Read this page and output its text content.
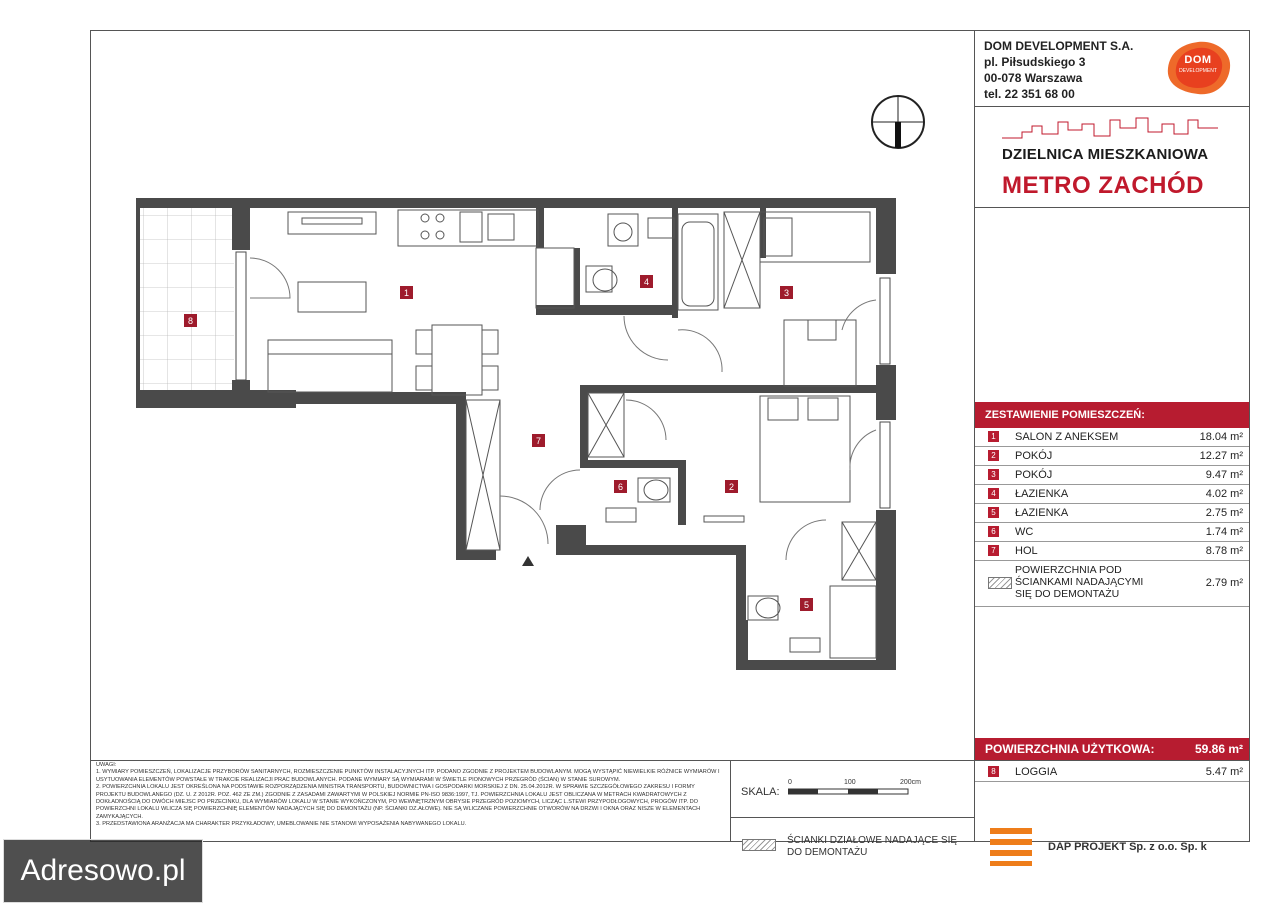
1
2
3
4
5
6
7
8
DOM DEVELOPMENT S.A.
pl. Piłsudskiego 3
00-078 Warszawa
tel. 22 351 68 00
DOM
DEVELOPMENT
DZIELNICA MIESZKANIOWA
METRO ZACHÓD
ZESTAWIENIE POMIESZCZEŃ:
1 SALON Z ANEKSEM	18.04 m²
2 POKÓJ	12.27 m²
3 POKÓJ	9.47 m²
4 ŁAZIENKA	4.02 m²
5 ŁAZIENKA	2.75 m²
6 WC	1.74 m²
7 HOL	8.78 m²
POWIERZCHNIA POD
ŚCIANKAMI NADAJĄCYMI
SIĘ DO DEMONTAŻU
2.79 m²
POWIERZCHNIA UŻYTKOWA:	59.86 m²
8 LOGGIA	5.47 m²

UWAGI:

1. WYMIARY POMIESZCZEŃ, LOKALIZACJE PRZYBORÓW SANITARNYCH, ROZMIESZCZENIE PUNKTÓW INSTALACYJNYCH ITP. PODANO ZGODNIE Z PROJEKTEM BUDOWLANYM. MOGĄ WYSTĄPIĆ NIEWIELKIE RÓŻNICE WYMIARÓW I USYTUOWANIA ELEMENTÓW POWSTAŁE W TRAKCIE REALIZACJI PRAC BUDOWLANYCH. PODANE WYMIARY SĄ WYMIARAMI W ŚWIETLE PIONOWYCH PRZEGRÓD (ŚCIAN) W STANIE SUROWYM.

2. POWIERZCHNIA LOKALU JEST OKREŚLONA NA PODSTAWIE ROZPORZĄDZENIA MINISTRA TRANSPORTU, BUDOWNICTWA I GOSPODARKI MORSKIEJ Z DN. 25.04.2012R. W SPRAWIE SZCZEGÓŁOWEGO ZAKRESU I FORMY PROJEKTU BUDOWLANEGO (DZ. U. Z 2012R. POZ. 462 ZE ZM.) ZGODNIE Z ZASADAMI ZAWARTYMI W POLSKIEJ NORMIE PN-ISO 9836:1997, TJ. POWIERZCHNIA LOKALU JEST OBLICZANA W METRACH KWADRATOWYCH Z DOKŁADNOŚCIĄ DO DWÓCH MIEJSC PO PRZECINKU, DLA WYMIARÓW LOKALU W STANIE WYKOŃCZONYM, PO WEWNĘTRZNYM OBRYSIE PRZEGRÓD POZIOMYCH, LICZĄC L.STEWI PRZYPODŁOGOWYCH, PROGÓW ITP. DO POWIERZCHNI LOKALU WLICZA SIĘ POWIERZCHNIĘ ELEMENTÓW NADAJĄCYCH SIĘ DO DEMONTAŻU (NP. ŚCIANKI DZ.AŁOWE). NIE SĄ WLICZANE POWIERZCHNIE OTWORÓW NA DRZWI I OKNA ORAZ NISZE W ELEMENTACH ZAMYKAJĄCYCH.

3. PRZEDSTAWIONA ARANŻACJA MA CHARAKTER PRZYKŁADOWY, UMEBLOWANIE NIE STANOWI WYPOSAŻENIA NABYWANEGO LOKALU.

SKALA:
0	100	200cm
ŚCIANKI DZIAŁOWE NADAJĄCE SIĘ
DO DEMONTAŻU	DAP PROJEKT Sp. z o.o. Sp. k
Adresowo.pl
